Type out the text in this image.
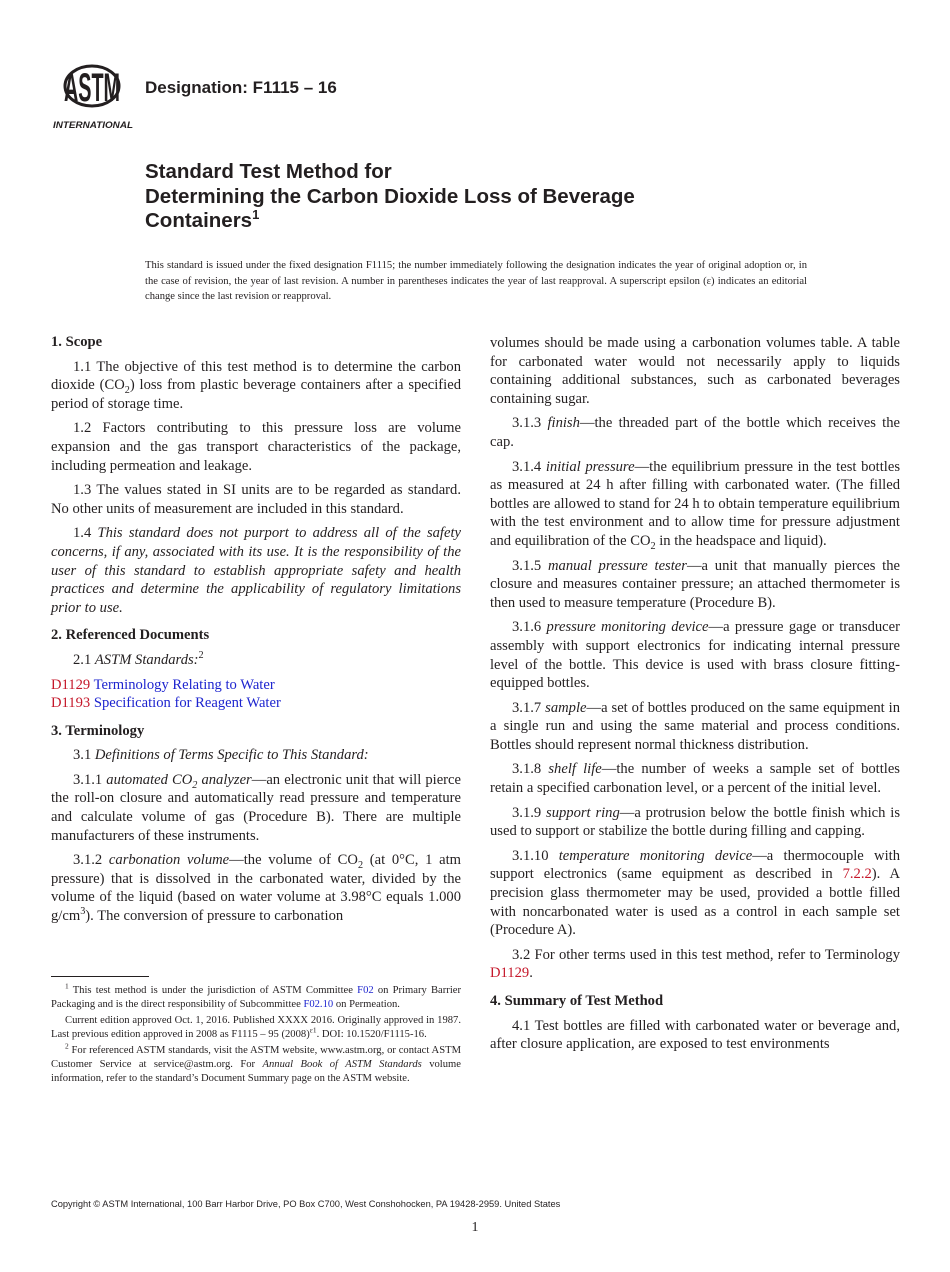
ASTM
INTERNATIONAL
Designation: F1115 – 16
Standard Test Method for
Determining the Carbon Dioxide Loss of Beverage
Containers$^1$
This standard is issued under the fixed designation F1115; the number immediately following the designation indicates the year of original adoption or, in the case of revision, the year of last revision. A number in parentheses indicates the year of last reapproval. A superscript epsilon (ε) indicates an editorial change since the last revision or reapproval.
1. Scope

1.1 The objective of this test method is to determine the carbon dioxide $(CO_2)$ loss from plastic beverage containers after a specified period of storage time.

1.2 Factors contributing to this pressure loss are volume expansion and the gas transport characteristics of the package, including permeation and leakage.

1.3 The values stated in SI units are to be regarded as standard. No other units of measurement are included in this standard.

1.4 This standard does not purport to address all of the safety concerns, if any, associated with its use. It is the responsibility of the user of this standard to establish appropriate safety and health practices and determine the applicability of regulatory limitations prior to use.

2. Referenced Documents

2.1 ASTM Standards:$^2$

D1129 Terminology Relating to Water

D1193 Specification for Reagent Water

3. Terminology

3.1 Definitions of Terms Specific to This Standard:

3.1.1 automated $CO_2$ analyzer—an electronic unit that will pierce the roll-on closure and automatically read pressure and temperature and calculate volume of gas (Procedure B). There are multiple manufacturers of these instruments.

3.1.2 carbonation volume—the volume of $CO_2$ (at 0°C, 1 atm pressure) that is dissolved in the carbonated water, divided by the volume of the liquid (based on water volume at 3.98°C equals 1.000 $g/cm^3$). The conversion of pressure to carbonation

volumes should be made using a carbonation volumes table. A table for carbonated water would not necessarily apply to liquids containing additional substances, such as carbonated beverages containing sugar.

3.1.3 finish—the threaded part of the bottle which receives the cap.

3.1.4 initial pressure—the equilibrium pressure in the test bottles as measured at 24 h after filling with carbonated water. (The filled bottles are allowed to stand for 24 h to obtain temperature equilibrium with the test environment and to allow time for pressure adjustment and equilibration of the $CO_2$ in the headspace and liquid).

3.1.5 manual pressure tester—a unit that manually pierces the closure and measures container pressure; an attached thermometer is then used to measure temperature (Procedure B).

3.1.6 pressure monitoring device—a pressure gage or transducer assembly with support electronics for indicating internal pressure level of the bottle. This device is used with brass closure fitting-equipped bottles.

3.1.7 sample—a set of bottles produced on the same equipment in a single run and using the same material and process conditions. Bottles should represent normal thickness distribution.

3.1.8 shelf life—the number of weeks a sample set of bottles retain a specified carbonation level, or a percent of the initial level.

3.1.9 support ring—a protrusion below the bottle finish which is used to support or stabilize the bottle during filling and capping.

3.1.10 temperature monitoring device—a thermocouple with support electronics (same equipment as described in 7.2.2). A precision glass thermometer may be used, provided a bottle filled with noncarbonated water is used as a control in each sample set (Procedure A).

3.2 For other terms used in this test method, refer to Terminology D1129.

4. Summary of Test Method

4.1 Test bottles are filled with carbonated water or beverage and, after closure application, are exposed to test environments

$^1$ This test method is under the jurisdiction of ASTM Committee F02 on Primary Barrier Packaging and is the direct responsibility of Subcommittee F02.10 on Permeation.

Current edition approved Oct. 1, 2016. Published XXXX 2016. Originally approved in 1987. Last previous edition approved in 2008 as F1115 – 95 $(2008)^{\varepsilon 1}$. DOI: 10.1520/F1115-16.

$^2$ For referenced ASTM standards, visit the ASTM website, www.astm.org, or contact ASTM Customer Service at service@astm.org. For Annual Book of ASTM Standards volume information, refer to the standard’s Document Summary page on the ASTM website.

Copyright © ASTM International, 100 Barr Harbor Drive, PO Box C700, West Conshohocken, PA 19428-2959. United States
1
